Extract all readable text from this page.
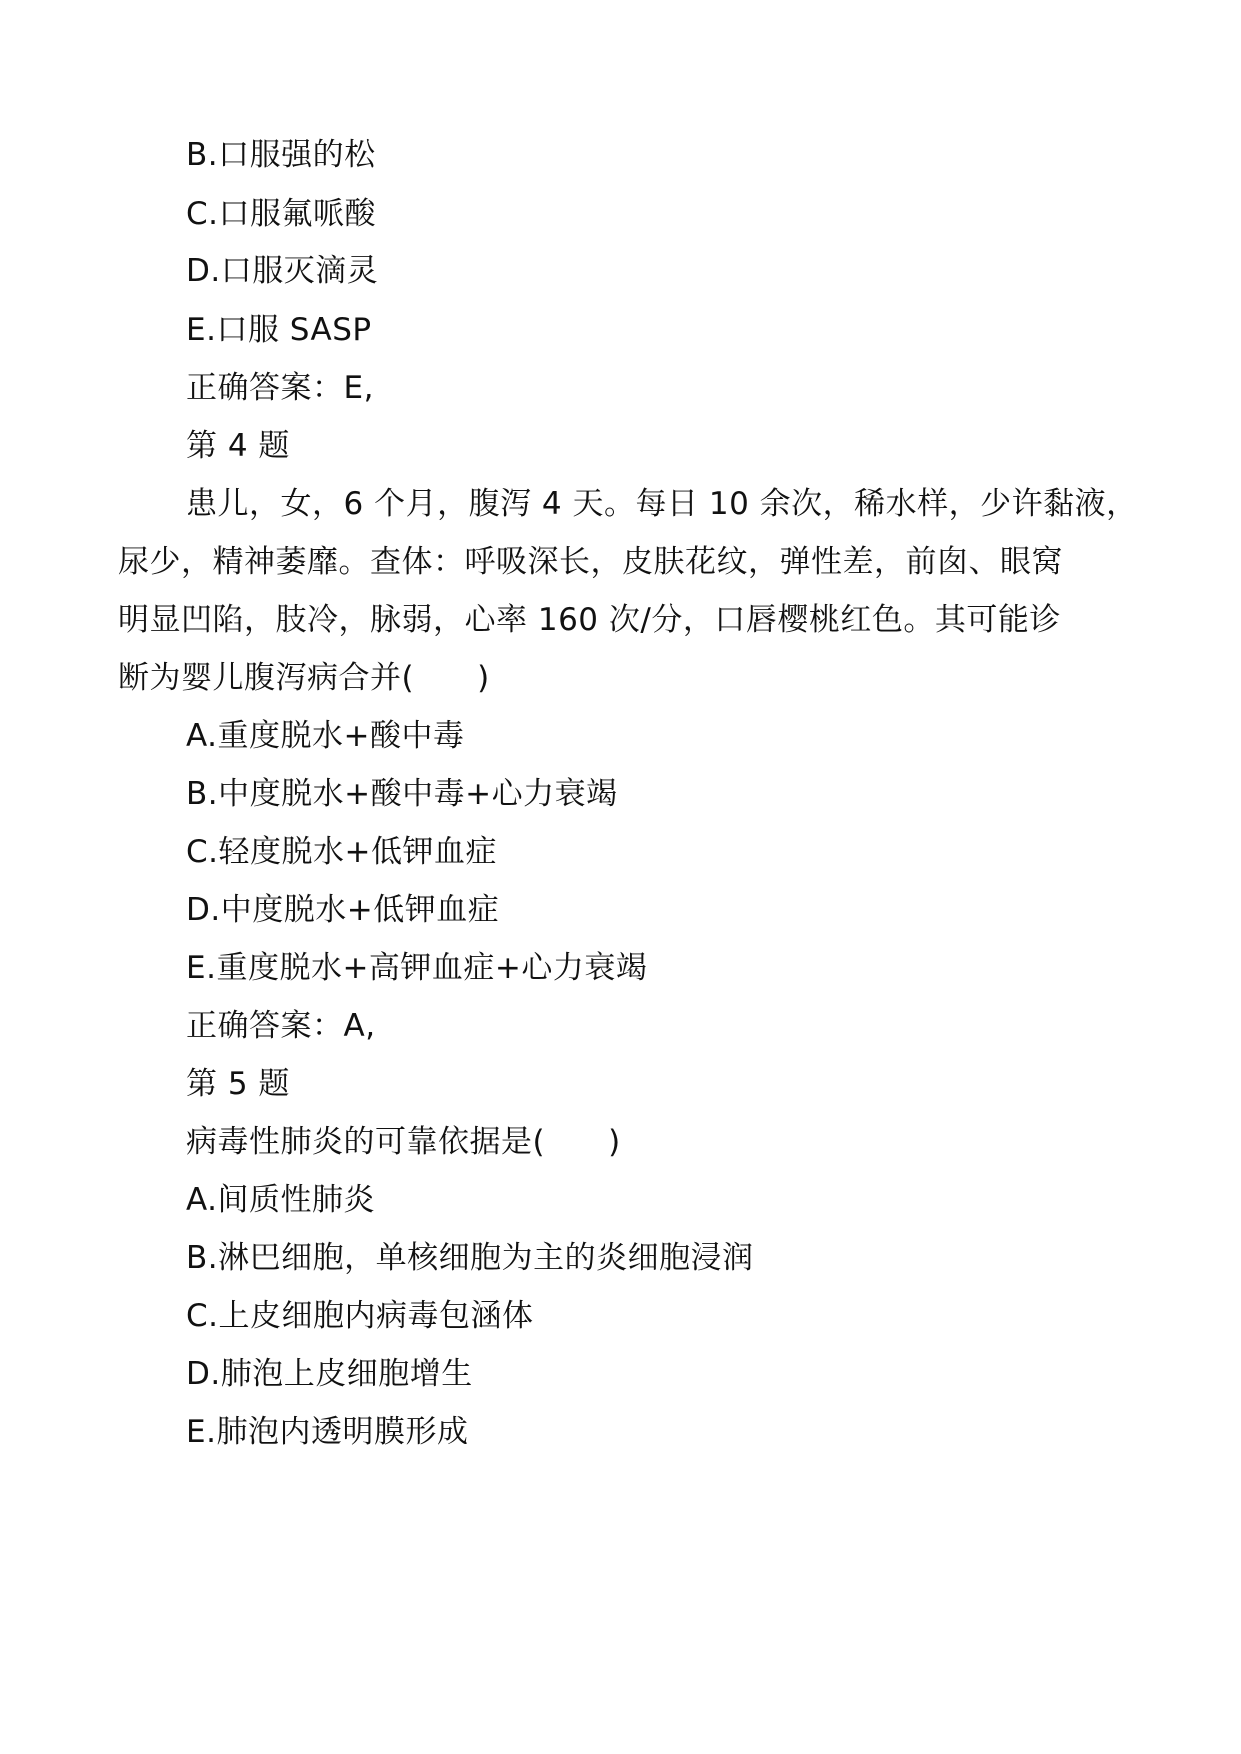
B.口服强的松
C.口服氟哌酸
D.口服灭滴灵
E.口服 SASP
正确答案：E,
第 4 题
患儿，女，6 个月，腹泻 4 天。每日 10 余次，稀水样，少许黏液，
尿少，精神萎靡。查体：呼吸深长，皮肤花纹，弹性差，前囱、眼窝
明显凹陷，肢冷，脉弱，心率 160 次/分，口唇樱桃红色。其可能诊
断为婴儿腹泻病合并(　　)
A.重度脱水+酸中毒
B.中度脱水+酸中毒+心力衰竭
C.轻度脱水+低钾血症
D.中度脱水+低钾血症
E.重度脱水+高钾血症+心力衰竭
正确答案：A,
第 5 题
病毒性肺炎的可靠依据是(　　)
A.间质性肺炎
B.淋巴细胞，单核细胞为主的炎细胞浸润
C.上皮细胞内病毒包涵体
D.肺泡上皮细胞增生
E.肺泡内透明膜形成
